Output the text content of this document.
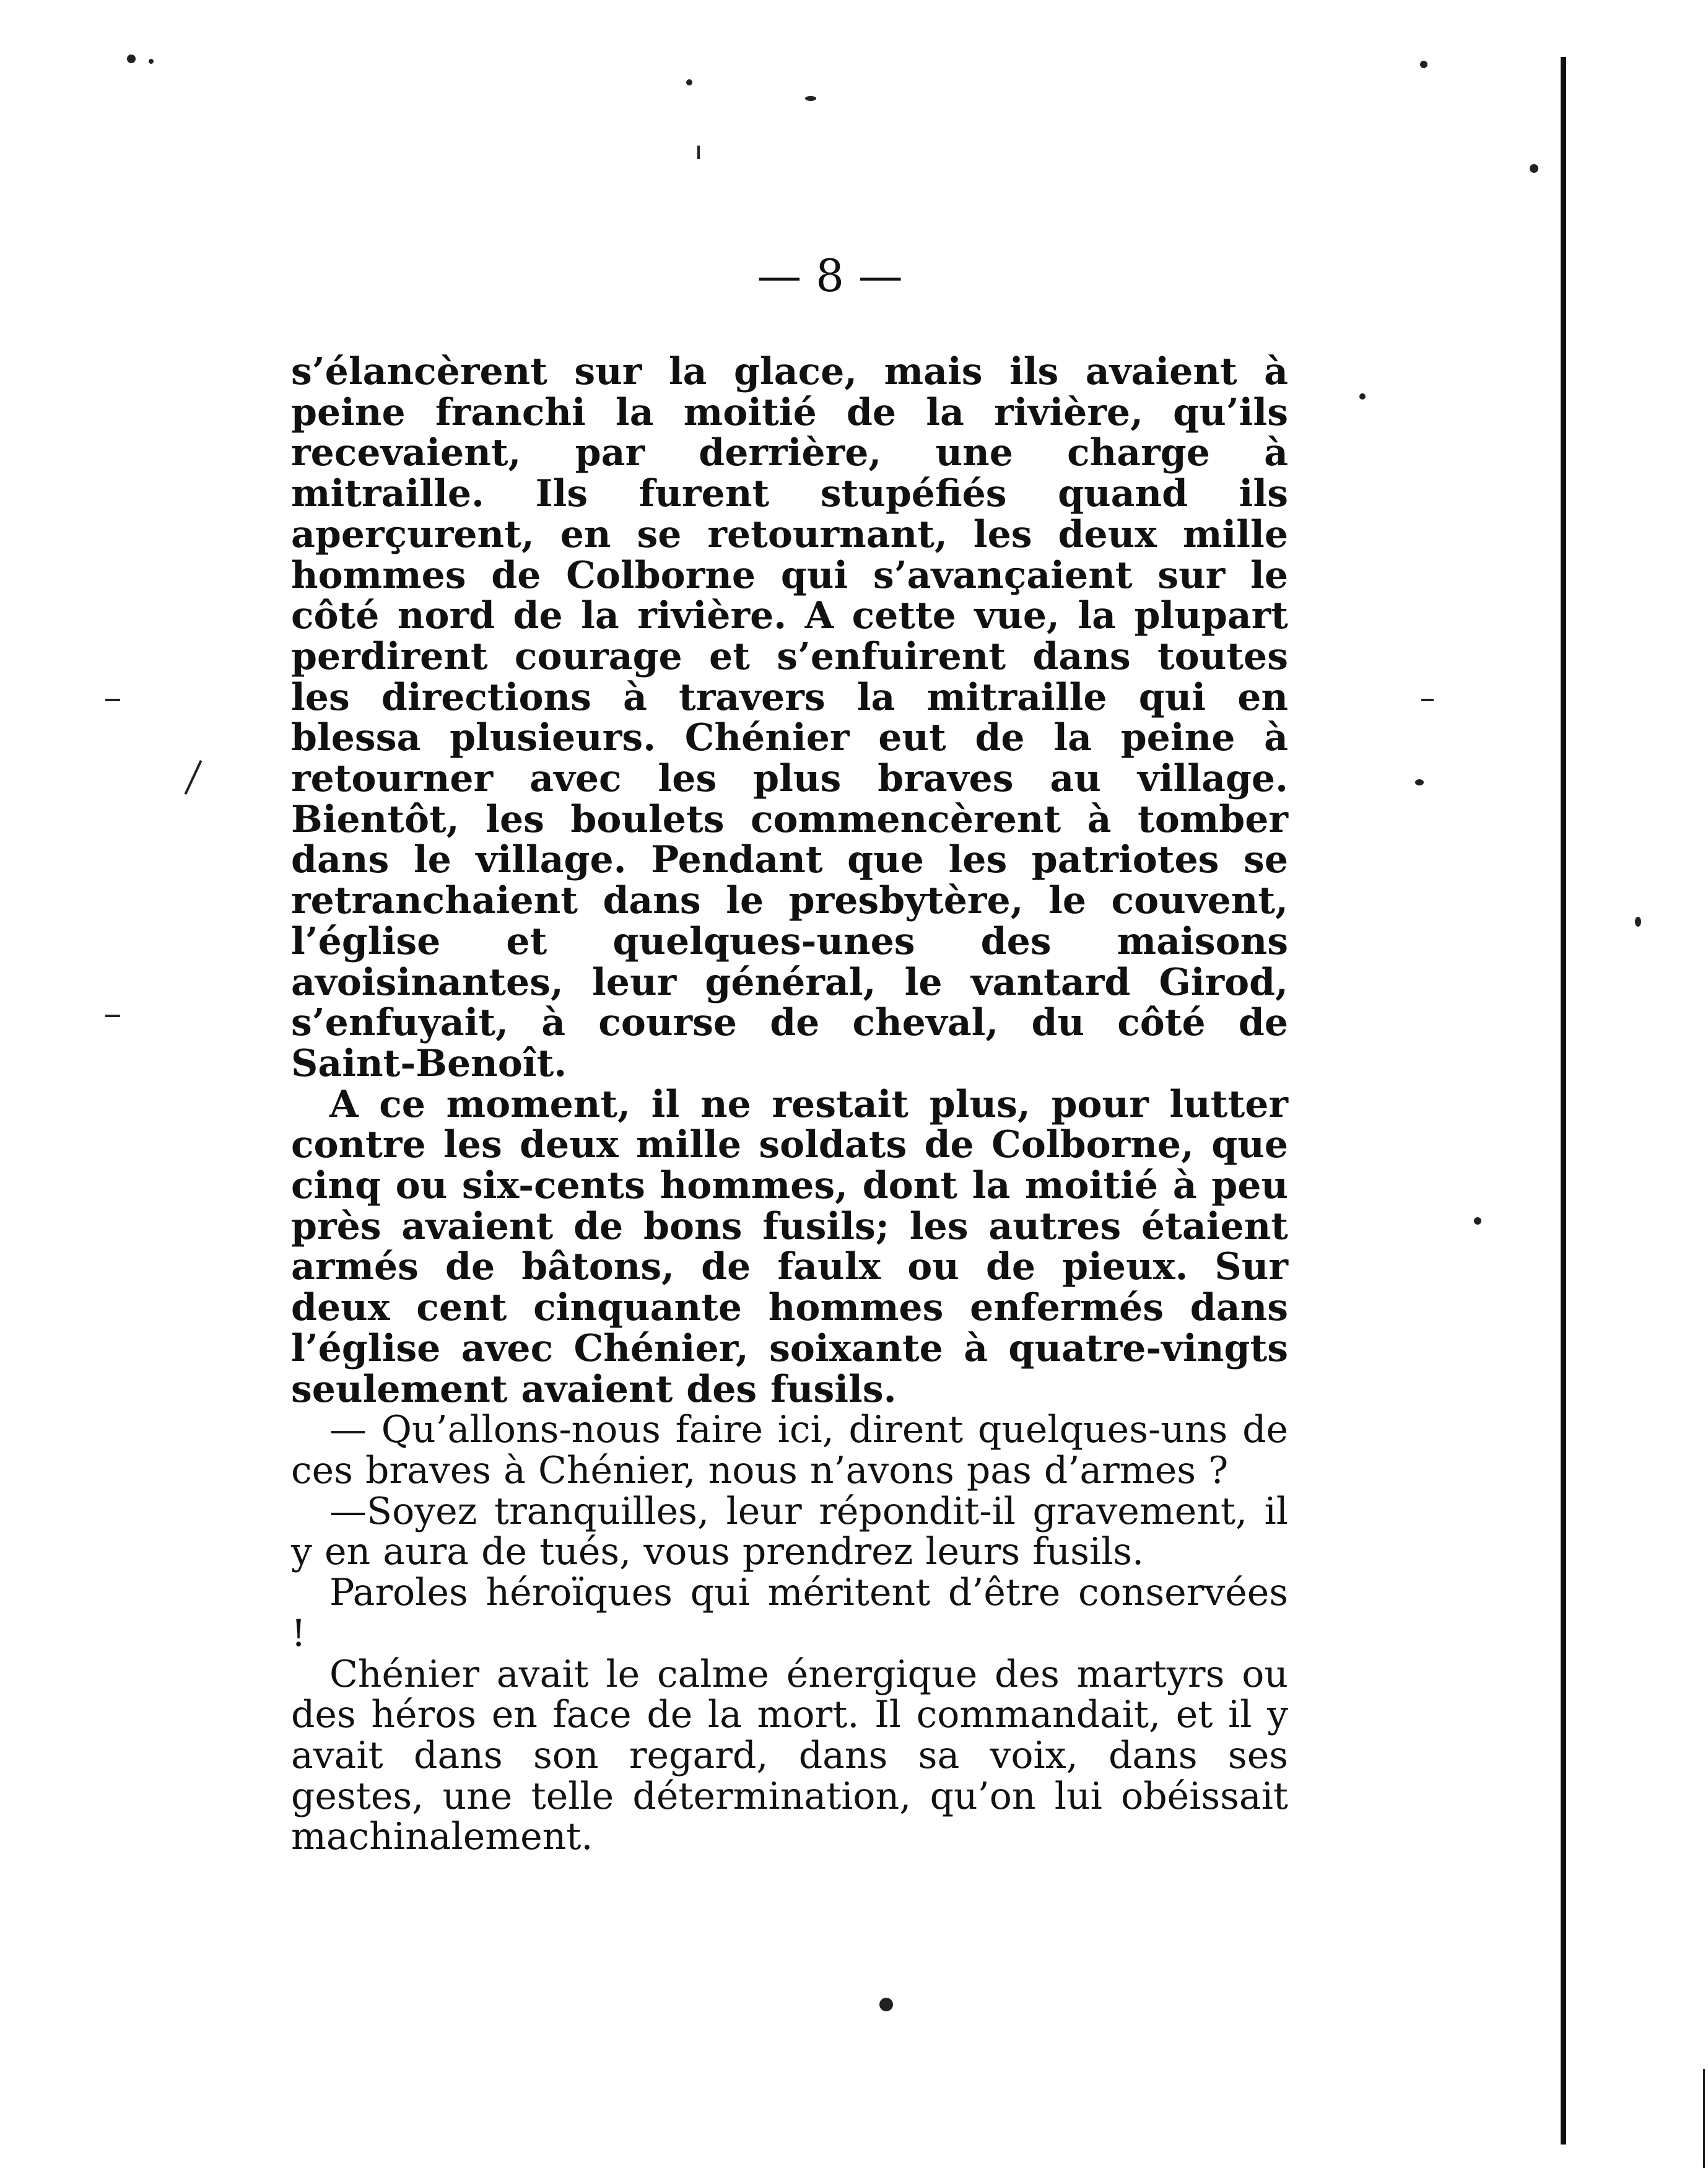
— 8 —

s’élancèrent sur la glace, mais ils avaient à peine franchi la moitié de la rivière, qu’ils recevaient, par derrière, une charge à mitraille. Ils furent stupéfiés quand ils aperçurent, en se retournant, les deux mille hommes de Colborne qui s’avançaient sur le côté nord de la rivière. A cette vue, la plupart perdirent courage et s’enfuirent dans toutes les directions à travers la mitraille qui en blessa plusieurs. Chénier eut de la peine à retourner avec les plus braves au village. Bientôt, les boulets commencèrent à tomber dans le village. Pendant que les patriotes se retranchaient dans le presbytère, le couvent, l’église et quelques-unes des maisons avoisinantes, leur général, le vantard Girod, s’enfuyait, à course de cheval, du côté de Saint-Benoît.

A ce moment, il ne restait plus, pour lutter contre les deux mille soldats de Colborne, que cinq ou six-cents hommes, dont la moitié à peu près avaient de bons fusils; les autres étaient armés de bâtons, de faulx ou de pieux. Sur deux cent cinquante hommes enfermés dans l’église avec Chénier, soixante à quatre-vingts seulement avaient des fusils.

— Qu’allons-nous faire ici, dirent quelques-uns de ces braves à Chénier, nous n’avons pas d’armes ?

—Soyez tranquilles, leur répondit-il gravement, il y en aura de tués, vous prendrez leurs fusils.

Paroles héroïques qui méritent d’être conservées !

Chénier avait le calme énergique des martyrs ou des héros en face de la mort. Il commandait, et il y avait dans son regard, dans sa voix, dans ses gestes, une telle détermination, qu’on lui obéissait machinalement.
